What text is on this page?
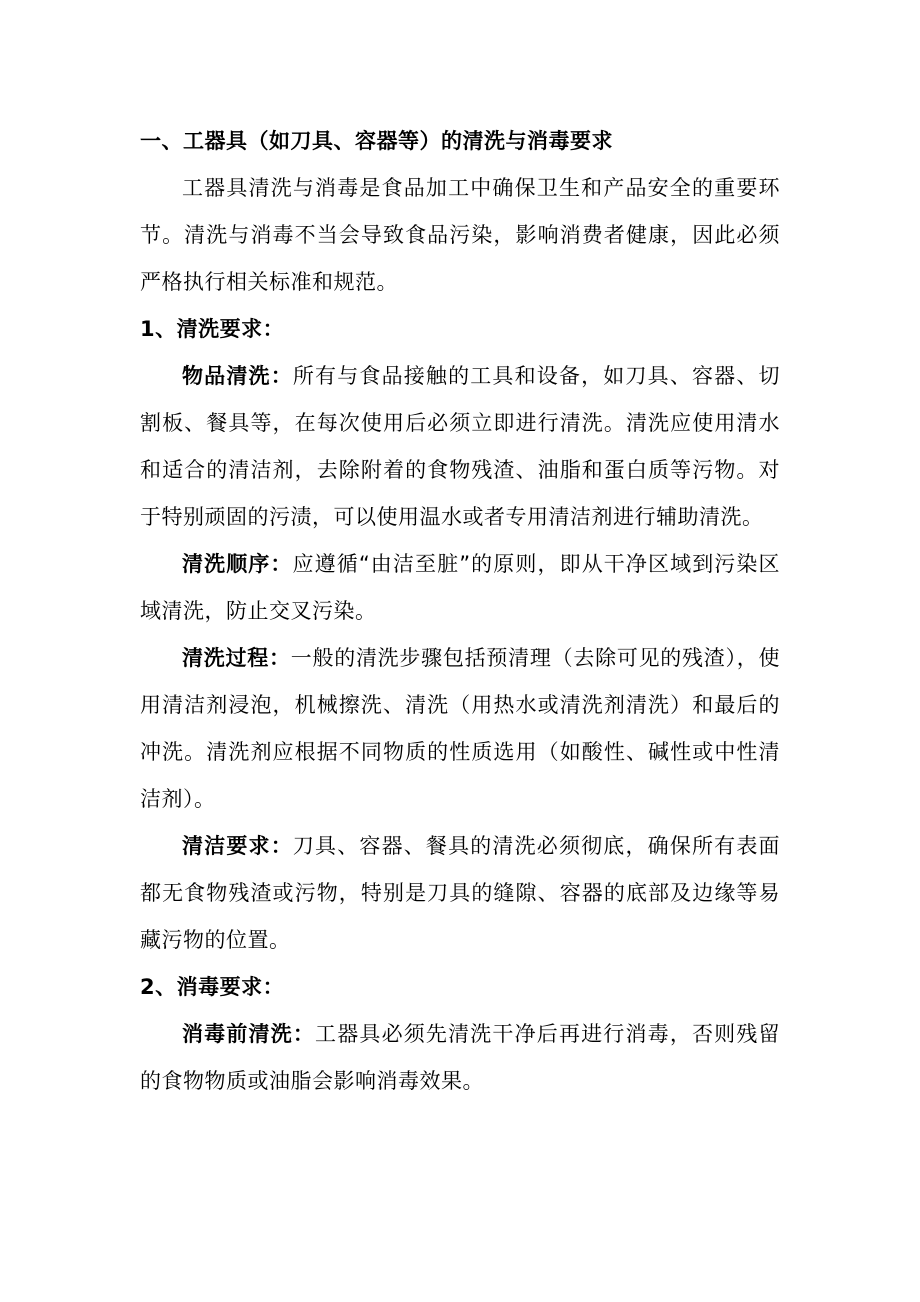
一、工器具（如刀具、容器等）的清洗与消毒要求

工器具清洗与消毒是食品加工中确保卫生和产品安全的重要环节。清洗与消毒不当会导致食品污染，影响消费者健康，因此必须严格执行相关标准和规范。

1、清洗要求：

物品清洗：所有与食品接触的工具和设备，如刀具、容器、切割板、餐具等，在每次使用后必须立即进行清洗。清洗应使用清水和适合的清洁剂，去除附着的食物残渣、油脂和蛋白质等污物。对于特别顽固的污渍，可以使用温水或者专用清洁剂进行辅助清洗。

清洗顺序：应遵循“由洁至脏”的原则，即从干净区域到污染区域清洗，防止交叉污染。

清洗过程：一般的清洗步骤包括预清理（去除可见的残渣），使用清洁剂浸泡，机械擦洗、清洗（用热水或清洗剂清洗）和最后的冲洗。清洗剂应根据不同物质的性质选用（如酸性、碱性或中性清洁剂）。

清洁要求：刀具、容器、餐具的清洗必须彻底，确保所有表面都无食物残渣或污物，特别是刀具的缝隙、容器的底部及边缘等易藏污物的位置。

2、消毒要求：

消毒前清洗：工器具必须先清洗干净后再进行消毒，否则残留的食物物质或油脂会影响消毒效果。
